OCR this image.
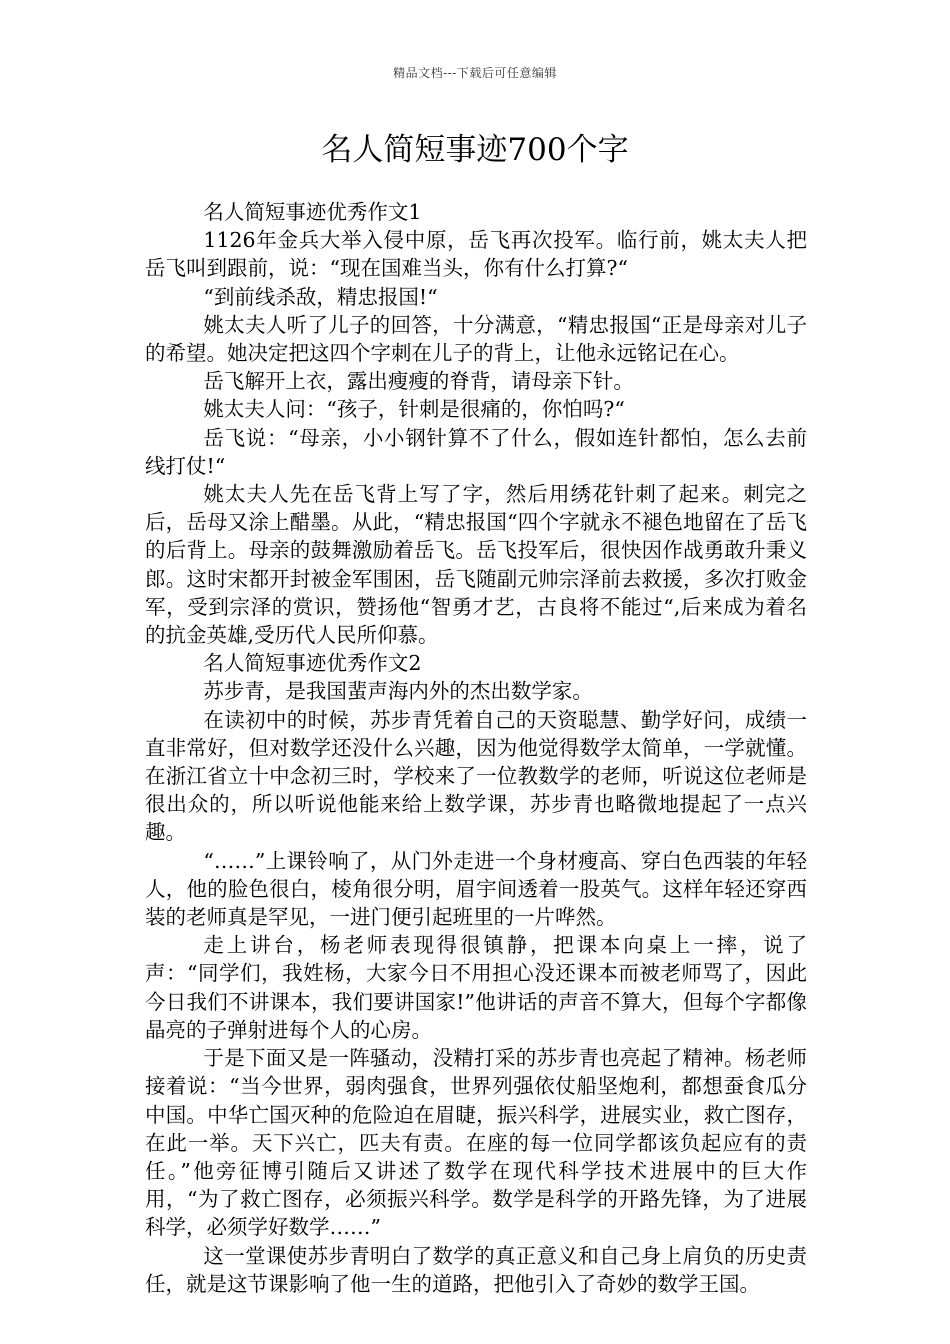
精品文档---下载后可任意编辑
名人简短事迹700个字

名人简短事迹优秀作文1

1126年金兵大举入侵中原，岳飞再次投军。临行前，姚太夫人把岳飞叫到跟前，说：“现在国难当头，你有什么打算?“

“到前线杀敌，精忠报国!“

姚太夫人听了儿子的回答，十分满意，“精忠报国“正是母亲对儿子的希望。她决定把这四个字刺在儿子的背上，让他永远铭记在心。

岳飞解开上衣，露出瘦瘦的脊背，请母亲下针。

姚太夫人问：“孩子，针刺是很痛的，你怕吗?“

岳飞说：“母亲，小小钢针算不了什么，假如连针都怕，怎么去前线打仗!“

姚太夫人先在岳飞背上写了字，然后用绣花针刺了起来。刺完之后，岳母又涂上醋墨。从此，“精忠报国“四个字就永不褪色地留在了岳飞的后背上。母亲的鼓舞激励着岳飞。岳飞投军后，很快因作战勇敢升秉义郎。这时宋都开封被金军围困，岳飞随副元帅宗泽前去救援，多次打败金军，受到宗泽的赏识，赞扬他“智勇才艺，古良将不能过“,后来成为着名的抗金英雄,受历代人民所仰慕。

名人简短事迹优秀作文2

苏步青，是我国蜚声海内外的杰出数学家。

在读初中的时候，苏步青凭着自己的天资聪慧、勤学好问，成绩一直非常好，但对数学还没什么兴趣，因为他觉得数学太简单，一学就懂。在浙江省立十中念初三时，学校来了一位教数学的老师，听说这位老师是很出众的，所以听说他能来给上数学课，苏步青也略微地提起了一点兴趣。

“……”上课铃响了，从门外走进一个身材瘦高、穿白色西装的年轻人，他的脸色很白，棱角很分明，眉宇间透着一股英气。这样年轻还穿西装的老师真是罕见，一进门便引起班里的一片哗然。

走上讲台，杨老师表现得很镇静，把课本向桌上一摔，说了声：“同学们，我姓杨，大家今日不用担心没还课本而被老师骂了，因此今日我们不讲课本，我们要讲国家!”他讲话的声音不算大，但每个字都像晶亮的子弹射进每个人的心房。

于是下面又是一阵骚动，没精打采的苏步青也亮起了精神。杨老师接着说：“当今世界，弱肉强食，世界列强依仗船坚炮利，都想蚕食瓜分中国。中华亡国灭种的危险迫在眉睫，振兴科学，进展实业，救亡图存，在此一举。天下兴亡，匹夫有责。在座的每一位同学都该负起应有的责任。”他旁征博引随后又讲述了数学在现代科学技术进展中的巨大作用，“为了救亡图存，必须振兴科学。数学是科学的开路先锋，为了进展科学，必须学好数学……”

这一堂课使苏步青明白了数学的真正意义和自己身上肩负的历史责任，就是这节课影响了他一生的道路，把他引入了奇妙的数学王国。
